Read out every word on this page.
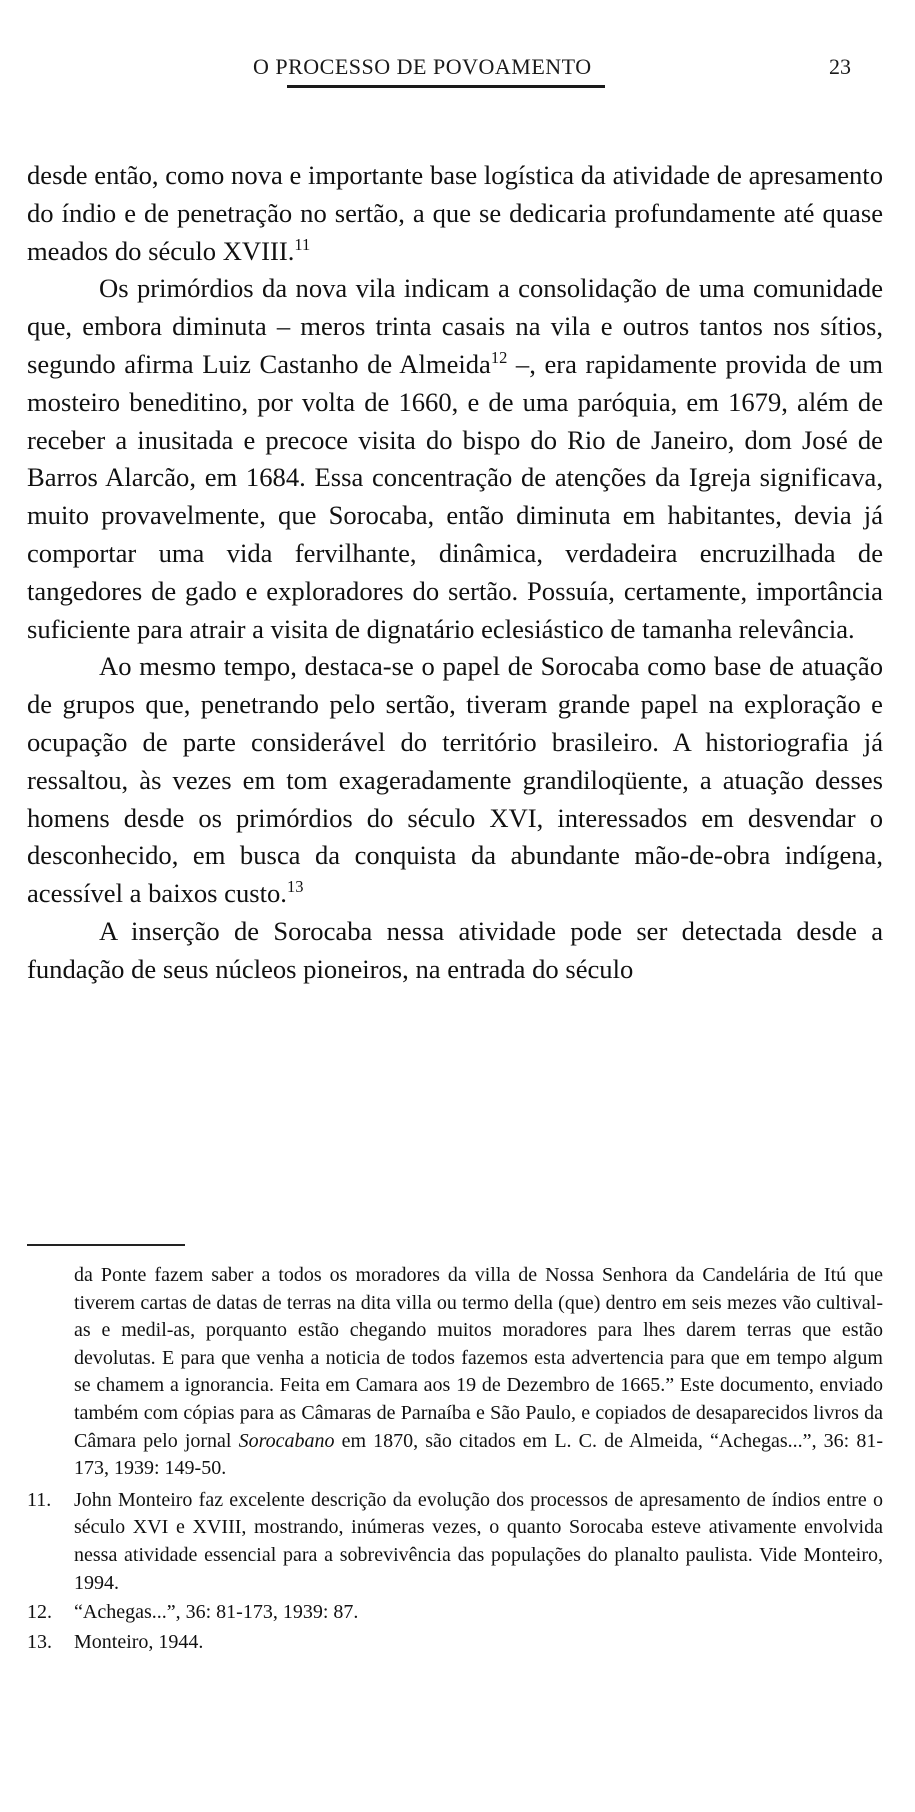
O PROCESSO DE POVOAMENTO	23

desde então, como nova e importante base logística da atividade de apresamento do índio e de penetração no sertão, a que se dedicaria profundamente até quase meados do século XVIII.$^{11}$

Os primórdios da nova vila indicam a consolidação de uma comunidade que, embora diminuta – meros trinta casais na vila e outros tantos nos sítios, segundo afirma Luiz Castanho de Almeida$^{12}$ –, era rapidamente provida de um mosteiro beneditino, por volta de 1660, e de uma paróquia, em 1679, além de receber a inusitada e precoce visita do bispo do Rio de Janeiro, dom José de Barros Alarcão, em 1684. Essa concentração de atenções da Igreja significava, muito provavelmente, que Sorocaba, então diminuta em habitantes, devia já comportar uma vida fervilhante, dinâmica, verdadeira encruzilhada de tangedores de gado e exploradores do sertão. Possuía, certamente, importância suficiente para atrair a visita de dignatário eclesiástico de tamanha relevância.

Ao mesmo tempo, destaca-se o papel de Sorocaba como base de atuação de grupos que, penetrando pelo sertão, tiveram grande papel na exploração e ocupação de parte considerável do território brasileiro. A historiografia já ressaltou, às vezes em tom exageradamente grandiloqüente, a atuação desses homens desde os primórdios do século XVI, interessados em desvendar o desconhecido, em busca da conquista da abundante mão-de-obra indígena, acessível a baixos custo.$^{13}$

A inserção de Sorocaba nessa atividade pode ser detectada desde a fundação de seus núcleos pioneiros, na entrada do século

da Ponte fazem saber a todos os moradores da villa de Nossa Senhora da Candelária de Itú que tiverem cartas de datas de terras na dita villa ou termo della (que) dentro em seis mezes vão cultival-as e medil-as, porquanto estão chegando muitos moradores para lhes darem terras que estão devolutas. E para que venha a noticia de todos fazemos esta advertencia para que em tempo algum se chamem a ignorancia. Feita em Camara aos 19 de Dezembro de 1665.” Este documento, enviado também com cópias para as Câmaras de Parnaíba e São Paulo, e copiados de desaparecidos livros da Câmara pelo jornal Sorocabano em 1870, são citados em L. C. de Almeida, “Achegas...”, 36: 81-173, 1939: 149-50.

11.	John Monteiro faz excelente descrição da evolução dos processos de apresamento de índios entre o século XVI e XVIII, mostrando, inúmeras vezes, o quanto Sorocaba esteve ativamente envolvida nessa atividade essencial para a sobrevivência das populações do planalto paulista. Vide Monteiro, 1994.
12.	“Achegas...”, 36: 81-173, 1939: 87.
13.	Monteiro, 1944.
